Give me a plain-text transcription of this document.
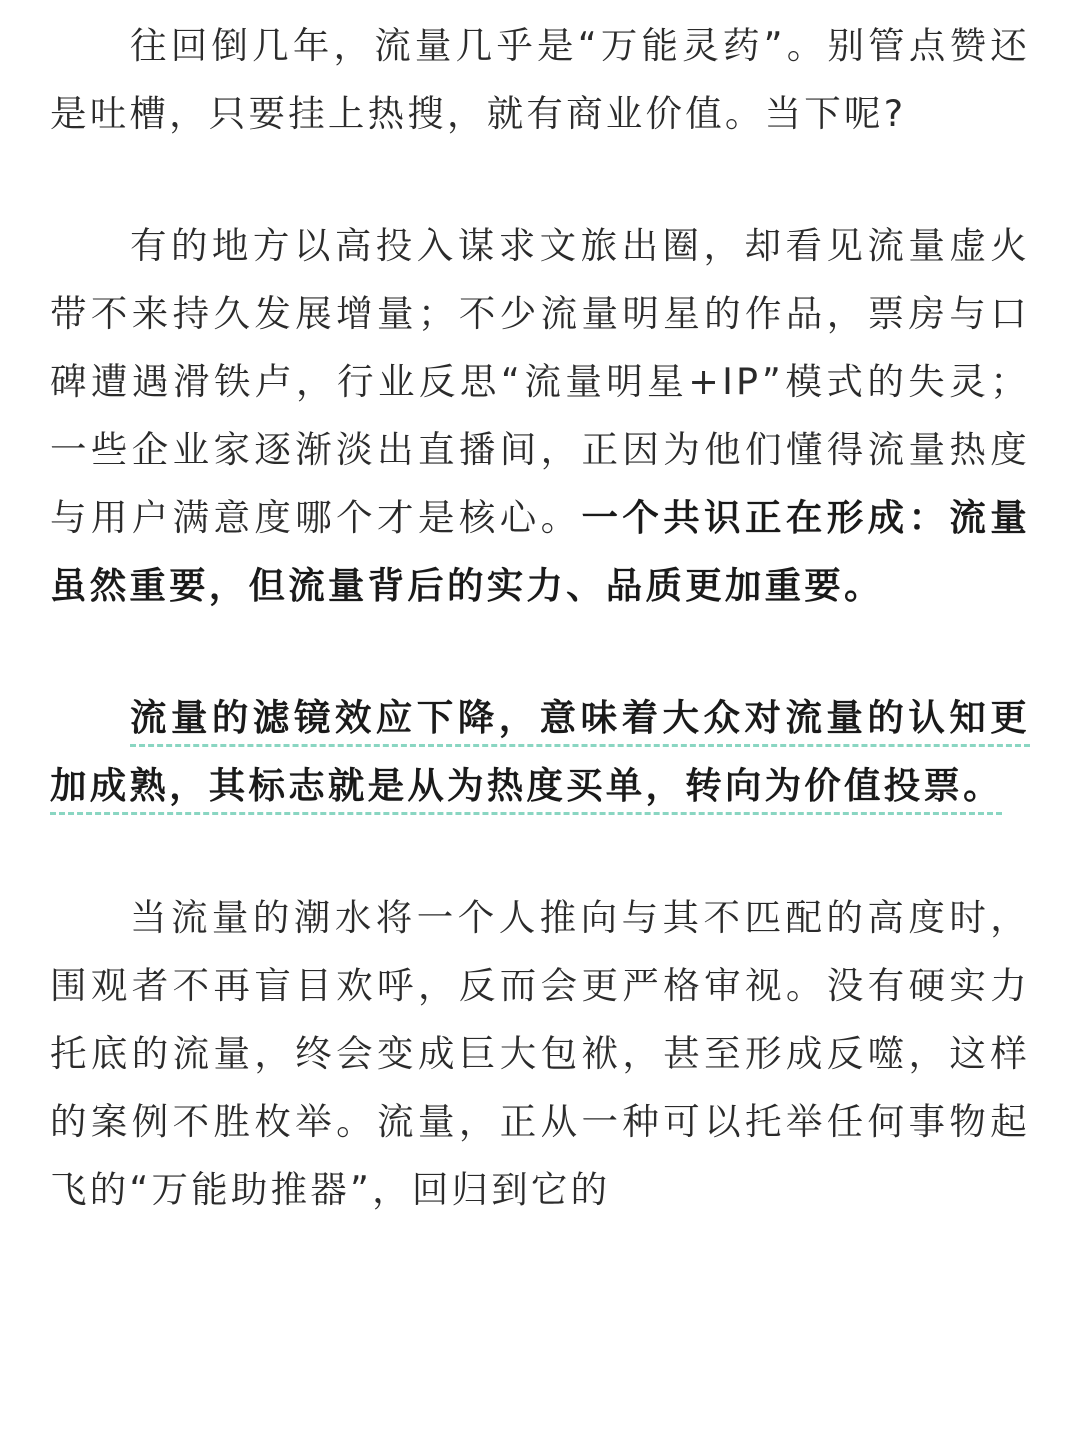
往回倒几年，流量几乎是“万能灵药”。别管点赞还是吐槽，只要挂上热搜，就有商业价值。当下呢?

有的地方以高投入谋求文旅出圈，却看见流量虚火带不来持久发展增量；不少流量明星的作品，票房与口碑遭遇滑铁卢，行业反思“流量明星+IP”模式的失灵；一些企业家逐渐淡出直播间，正因为他们懂得流量热度与用户满意度哪个才是核心。一个共识正在形成：流量虽然重要，但流量背后的实力、品质更加重要。

流量的滤镜效应下降，意味着大众对流量的认知更加成熟，其标志就是从为热度买单，转向为价值投票。

当流量的潮水将一个人推向与其不匹配的高度时，围观者不再盲目欢呼，反而会更严格审视。没有硬实力托底的流量，终会变成巨大包袱，甚至形成反噬，这样的案例不胜枚举。流量，正从一种可以托举任何事物起飞的“万能助推器”，回归到它的
